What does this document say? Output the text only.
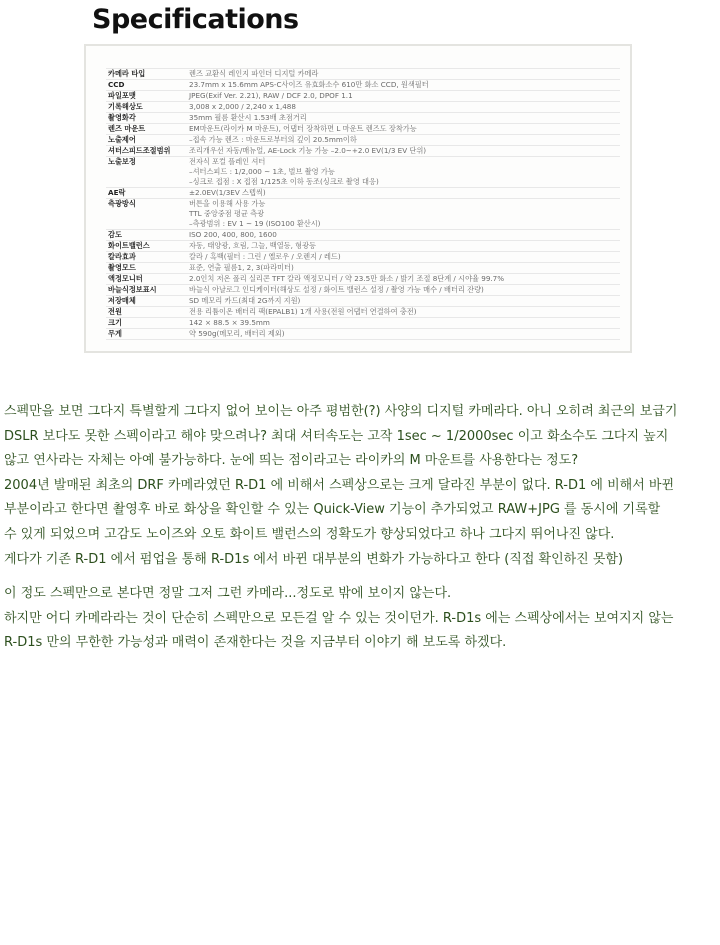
Specifications
카메라 타입	렌즈 교환식 레인지 파인더 디지털 카메라

CCD	23.7mm x 15.6mm APS-C사이즈 유효화소수 610만 화소 CCD, 원색필터

파일포맷	JPEG(Exif Ver. 2.21), RAW / DCF 2.0, DPOF 1.1

기록해상도	3,008 x 2,000 / 2,240 x 1,488

촬영화각	35mm 필름 환산시 1.53배 초점거리

렌즈 마운트	EM마운트(라이카 M 마운트), 어댑터 장착하면 L 마운트 렌즈도 장착가능

노출제어	–접속 가능 렌즈 : 마운트로부터의 깊이 20.5mm이하

셔터스피드조절범위	조리개우선 자동/매뉴얼, AE-Lock 기능 가능 –2.0~+2.0 EV(1/3 EV 단위)

노출보정	전자식 포컬 플레인 셔터
–셔터스피드 : 1/2,000 ~ 1초, 벌브 촬영 가능
–싱크로 접점 : X 접점 1/125초 이하 동조(싱크로 촬영 대응)

AE락	±2.0EV(1/3EV 스텝씩)

측광방식	버튼을 이용해 사용 가능
TTL 중앙중점 평균 측광
–측광범위 : EV 1 ~ 19 (ISO100 환산시)

감도	ISO 200, 400, 800, 1600

화이트밸런스	자동, 태양광, 흐림, 그늘, 백열등, 형광등

칼라효과	칼라 / 흑백(필터 : 그린 / 옐로우 / 오렌지 / 레드)

촬영모드	표준, 연출 필름1, 2, 3(파라미터)

액정모니터	2.0인치 저온 폴리 실리콘 TFT 칼라 액정모니터 / 약 23.5만 화소 / 밝기 조절 8단계 / 시야율 99.7%

바늘식정보표시	바늘식 아날로그 인디케이터(해상도 설정 / 화이트 밸런스 설정 / 촬영 가능 매수 / 배터리 잔량)

저장매체	SD 메모리 카드(최대 2G까지 지원)

전원	전용 리튬이온 배터리 팩(EPALB1) 1개 사용(전원 어댑터 연결하여 충전)

크기	142 × 88.5 × 39.5mm

무게	약 590g(메모리, 배터리 제외)

스펙만을 보면 그다지 특별할게 그다지 없어 보이는 아주 평범한(?) 사양의 디지털 카메라다. 아니 오히려 최근의 보급기

DSLR 보다도 못한 스펙이라고 해야 맞으려나? 최대 셔터속도는 고작 1sec ~ 1/2000sec 이고 화소수도 그다지 높지

않고 연사라는 자체는 아예 불가능하다. 눈에 띄는 점이라고는 라이카의 M 마운트를 사용한다는 정도?

2004년 발매된 최초의 DRF 카메라였던 R-D1 에 비해서 스펙상으로는 크게 달라진 부분이 없다. R-D1 에 비해서 바뀐

부분이라고 한다면 촬영후 바로 화상을 확인할 수 있는 Quick-View 기능이 추가되었고 RAW+JPG 를 동시에 기록할

수 있게 되었으며 고감도 노이즈와 오토 화이트 밸런스의 정확도가 향상되었다고 하나 그다지 뛰어나진 않다.

게다가 기존 R-D1 에서 펌업을 통해 R-D1s 에서 바뀐 대부분의 변화가 가능하다고 한다 (직접 확인하진 못함)

이 정도 스펙만으로 본다면 정말 그저 그런 카메라...정도로 밖에 보이지 않는다.

하지만 어디 카메라라는 것이 단순히 스펙만으로 모든걸 알 수 있는 것이던가. R-D1s 에는 스펙상에서는 보여지지 않는

R-D1s 만의 무한한 가능성과 매력이 존재한다는 것을 지금부터 이야기 해 보도록 하겠다.
